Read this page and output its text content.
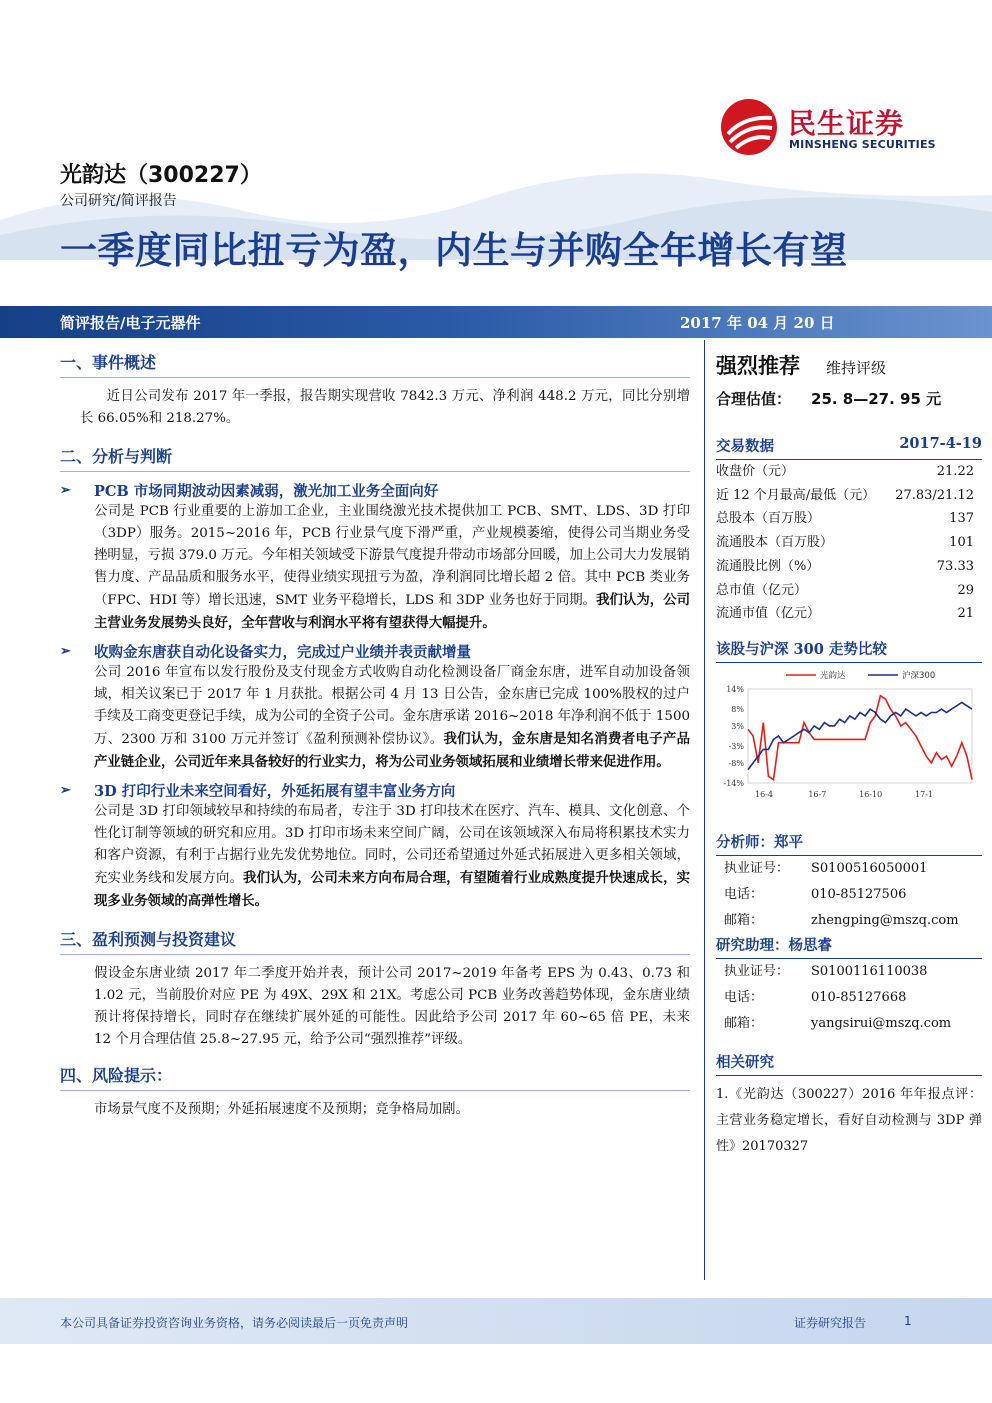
民生证券
MINSHENG SECURITIES
光韵达（300227）
公司研究/简评报告
一季度同比扭亏为盈，内生与并购全年增长有望
简评报告/电子元器件	2017 年 04 月 20 日
一、事件概述
近日公司发布 2017 年一季报，报告期实现营收 7842.3 万元、净利润 448.2 万元，同比分别增长 66.05%和 218.27%。
二、分析与判断
➢	PCB 市场同期波动因素减弱，激光加工业务全面向好
公司是 PCB 行业重要的上游加工企业，主业围绕激光技术提供加工 PCB、SMT、LDS、3D 打印（3DP）服务。2015~2016 年，PCB 行业景气度下滑严重，产业规模萎缩，使得公司当期业务受挫明显，亏损 379.0 万元。今年相关领域受下游景气度提升带动市场部分回暖，加上公司大力发展销售力度、产品品质和服务水平，使得业绩实现扭亏为盈，净利润同比增长超 2 倍。其中 PCB 类业务（FPC、HDI 等）增长迅速，SMT 业务平稳增长，LDS 和 3DP 业务也好于同期。我们认为，公司主营业务发展势头良好，全年营收与利润水平将有望获得大幅提升。
➢	收购金东唐获自动化设备实力，完成过户业绩并表贡献增量
公司 2016 年宣布以发行股份及支付现金方式收购自动化检测设备厂商金东唐，进军自动加设备领域，相关议案已于 2017 年 1 月获批。根据公司 4 月 13 日公告，金东唐已完成 100%股权的过户手续及工商变更登记手续，成为公司的全资子公司。金东唐承诺 2016~2018 年净利润不低于 1500 万、2300 万和 3100 万元并签订《盈利预测补偿协议》。我们认为，金东唐是知名消费者电子产品产业链企业，公司近年来具备较好的行业实力，将为公司业务领域拓展和业绩增长带来促进作用。
➢	3D 打印行业未来空间看好，外延拓展有望丰富业务方向
公司是 3D 打印领域较早和持续的布局者，专注于 3D 打印技术在医疗、汽车、模具、文化创意、个性化订制等领域的研究和应用。3D 打印市场未来空间广阔，公司在该领域深入布局将积累技术实力和客户资源，有利于占据行业先发优势地位。同时，公司还希望通过外延式拓展进入更多相关领域，充实业务线和发展方向。我们认为，公司未来方向布局合理，有望随着行业成熟度提升快速成长，实现多业务领域的高弹性增长。
三、盈利预测与投资建议
假设金东唐业绩 2017 年二季度开始并表，预计公司 2017~2019 年备考 EPS 为 0.43、0.73 和 1.02 元，当前股价对应 PE 为 49X、29X 和 21X。考虑公司 PCB 业务改善趋势体现，金东唐业绩预计将保持增长，同时存在继续扩展外延的可能性。因此给予公司 2017 年 60~65 倍 PE，未来 12 个月合理估值 25.8~27.95 元，给予公司“强烈推荐”评级。
四、风险提示：
市场景气度不及预期；外延拓展速度不及预期；竞争格局加剧。
强烈推荐 维持评级
合理估值： 25. 8—27. 95 元
交易数据	2017-4-19
收盘价（元）	21.22
近 12 个月最高/最低（元） 27.83/21.12
总股本（百万股）	137
流通股本（百万股）	101
流通股比例（%）	73.33
总市值（亿元）	29
流通市值（亿元）	21
该股与沪深 300 走势比较
14%
8%
3%
-3%
-8%
-14%
16-4	16-7	16-10	17-1
光韵达	沪深300
分析师：郑平
执业证号：	S0100516050001
电话：	010-85127506
邮箱：	zhengping@mszq.com
研究助理：杨思睿
执业证号：	S0100116110038
电话：	010-85127668
邮箱：	yangsirui@mszq.com
相关研究
1.《光韵达（300227）2016 年年报点评：主营业务稳定增长，看好自动检测与 3DP 弹性》20170327
本公司具备证券投资咨询业务资格，请务必阅读最后一页免责声明	证券研究报告	1
